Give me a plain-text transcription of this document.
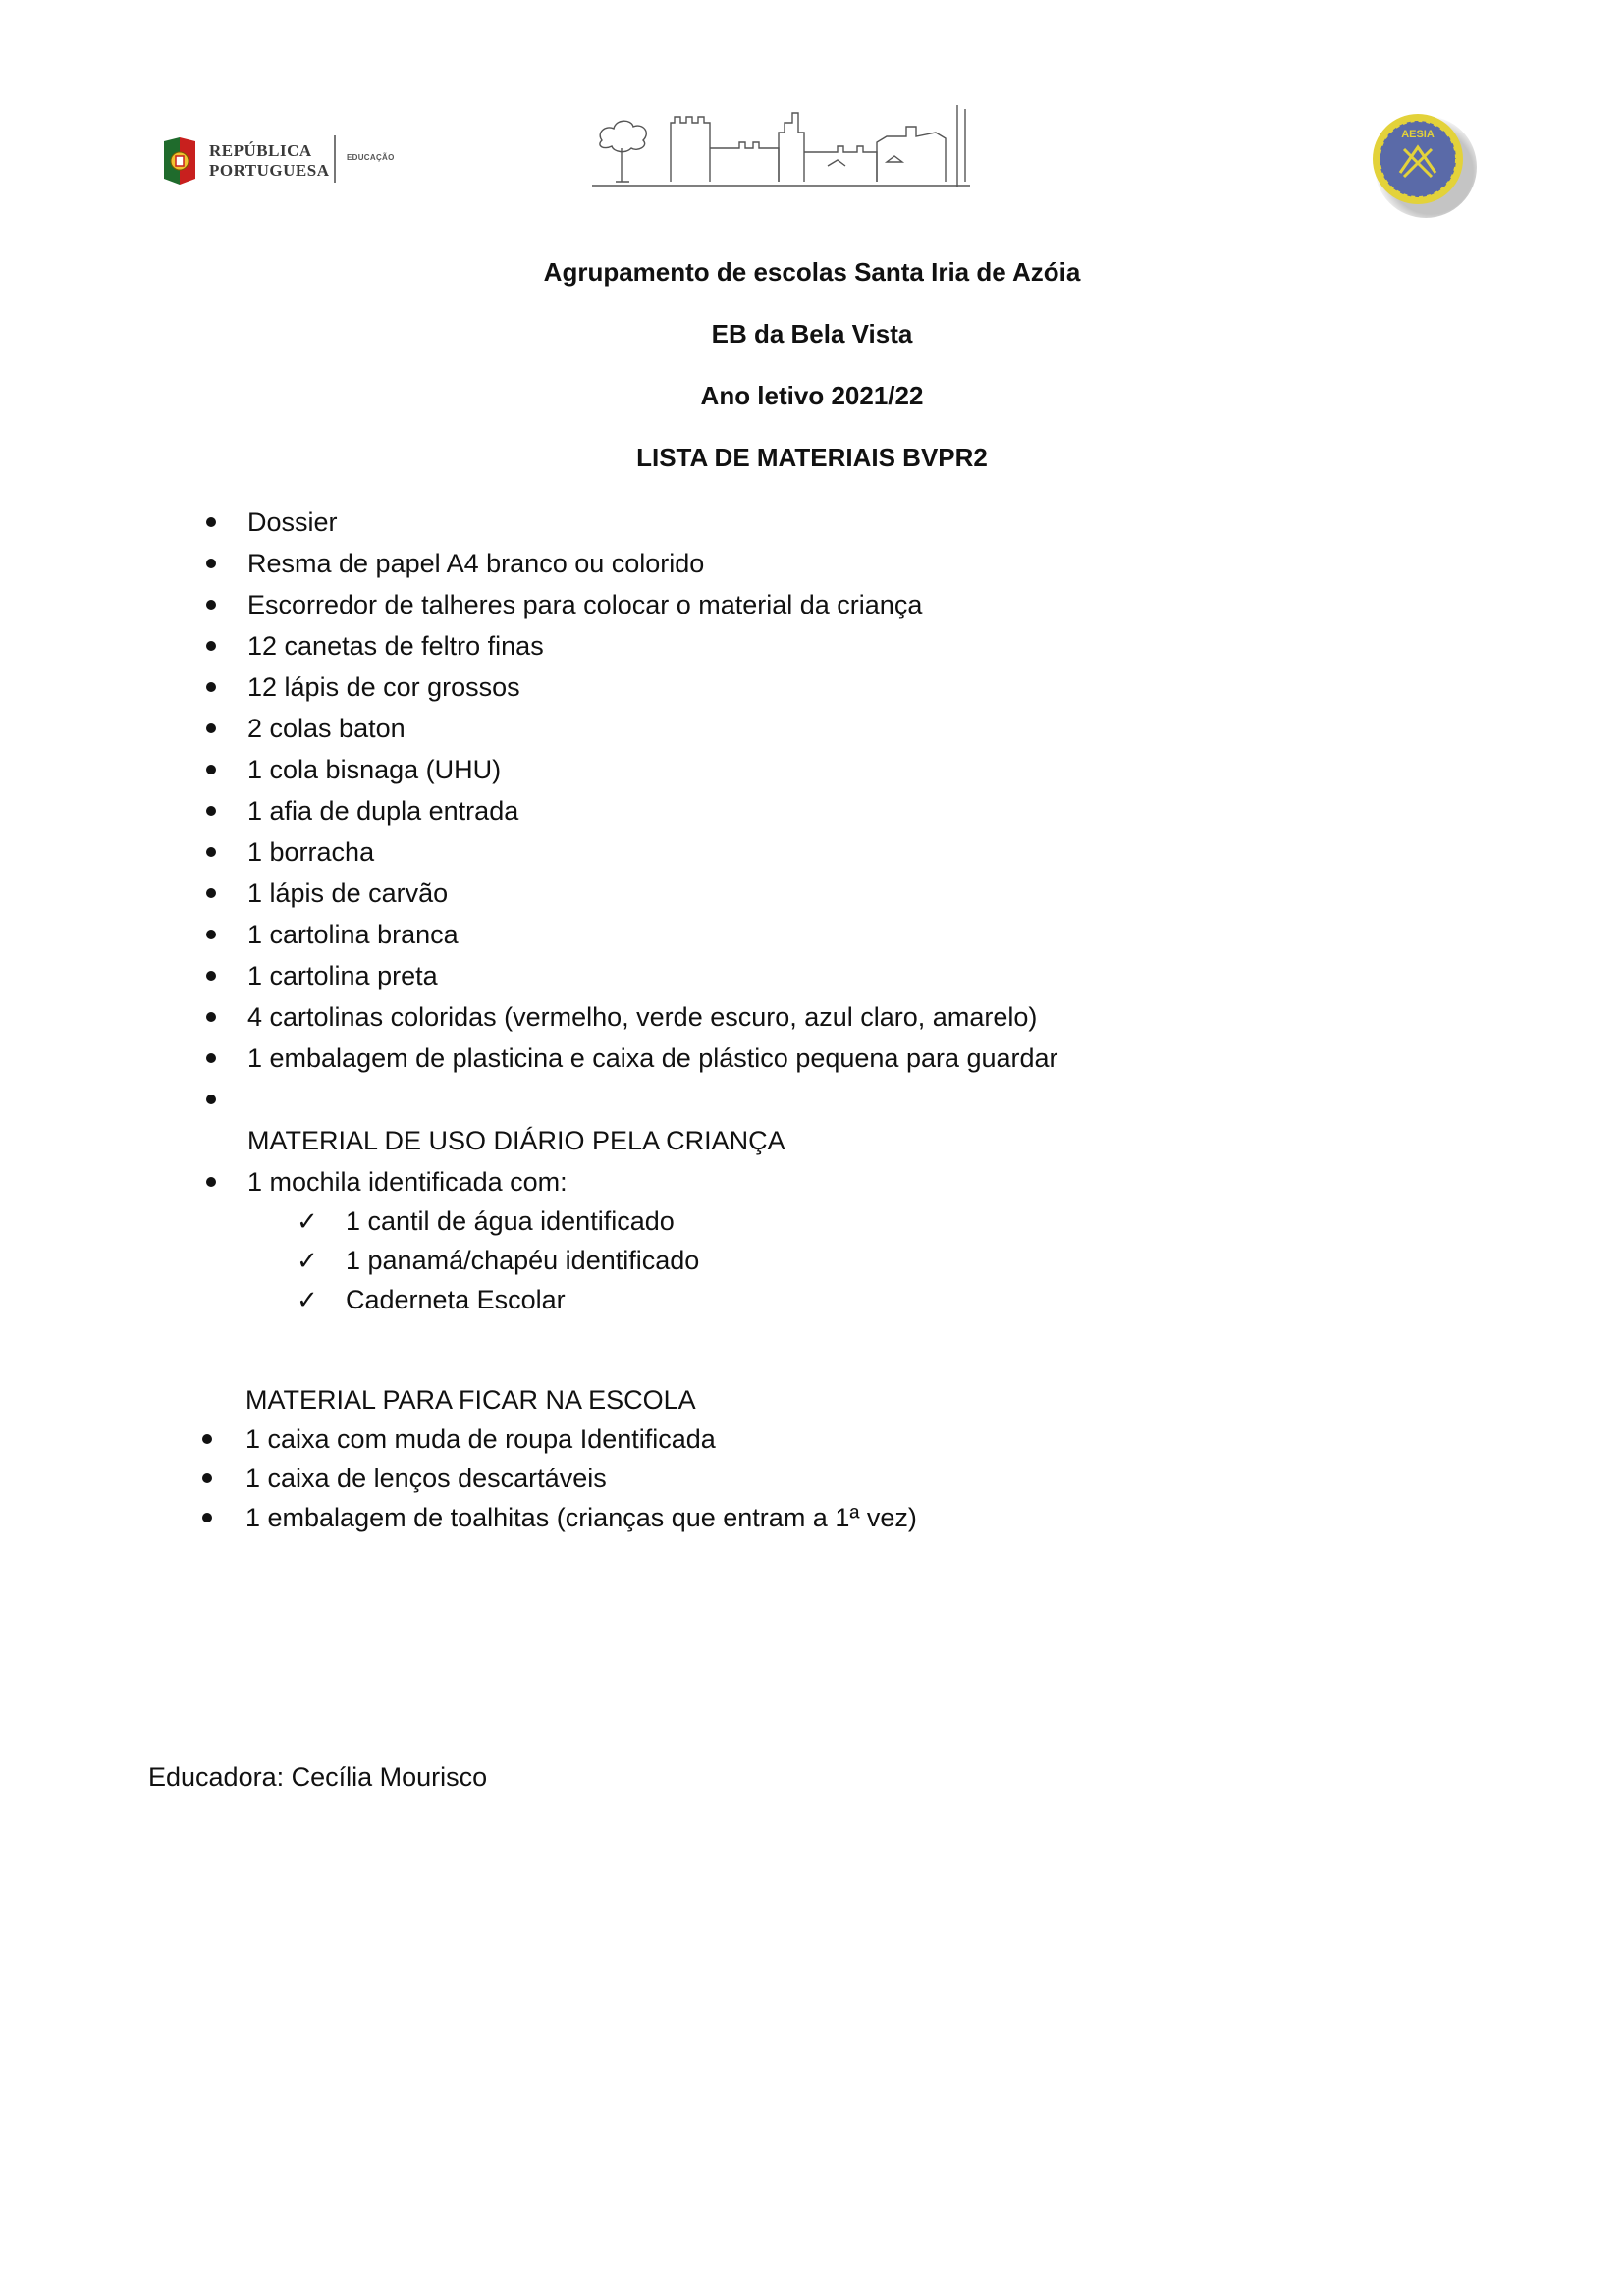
REPÚBLICA
PORTUGUESA
EDUCAÇÃO
AESIA
Agrupamento de escolas Santa Iria de Azóia
EB da Bela Vista
Ano letivo 2021/22
LISTA DE MATERIAIS BVPR2
Dossier
Resma de papel A4 branco ou colorido
Escorredor de talheres para colocar o material da criança
12 canetas de feltro finas
12 lápis de cor grossos
2 colas baton
1 cola bisnaga (UHU)
1 afia de dupla entrada
1 borracha
1 lápis de carvão
1 cartolina branca
1 cartolina preta
4 cartolinas coloridas (vermelho, verde escuro, azul claro, amarelo)
1 embalagem de plasticina e caixa de plástico pequena para guardar
MATERIAL DE USO DIÁRIO PELA CRIANÇA
1 mochila identificada com:
✓ 1 cantil de água identificado
✓ 1 panamá/chapéu identificado
✓ Caderneta Escolar
MATERIAL PARA FICAR NA ESCOLA
1 caixa com muda de roupa Identificada
1 caixa de lenços descartáveis
1 embalagem de toalhitas (crianças que entram a 1ª vez)
Educadora: Cecília Mourisco
